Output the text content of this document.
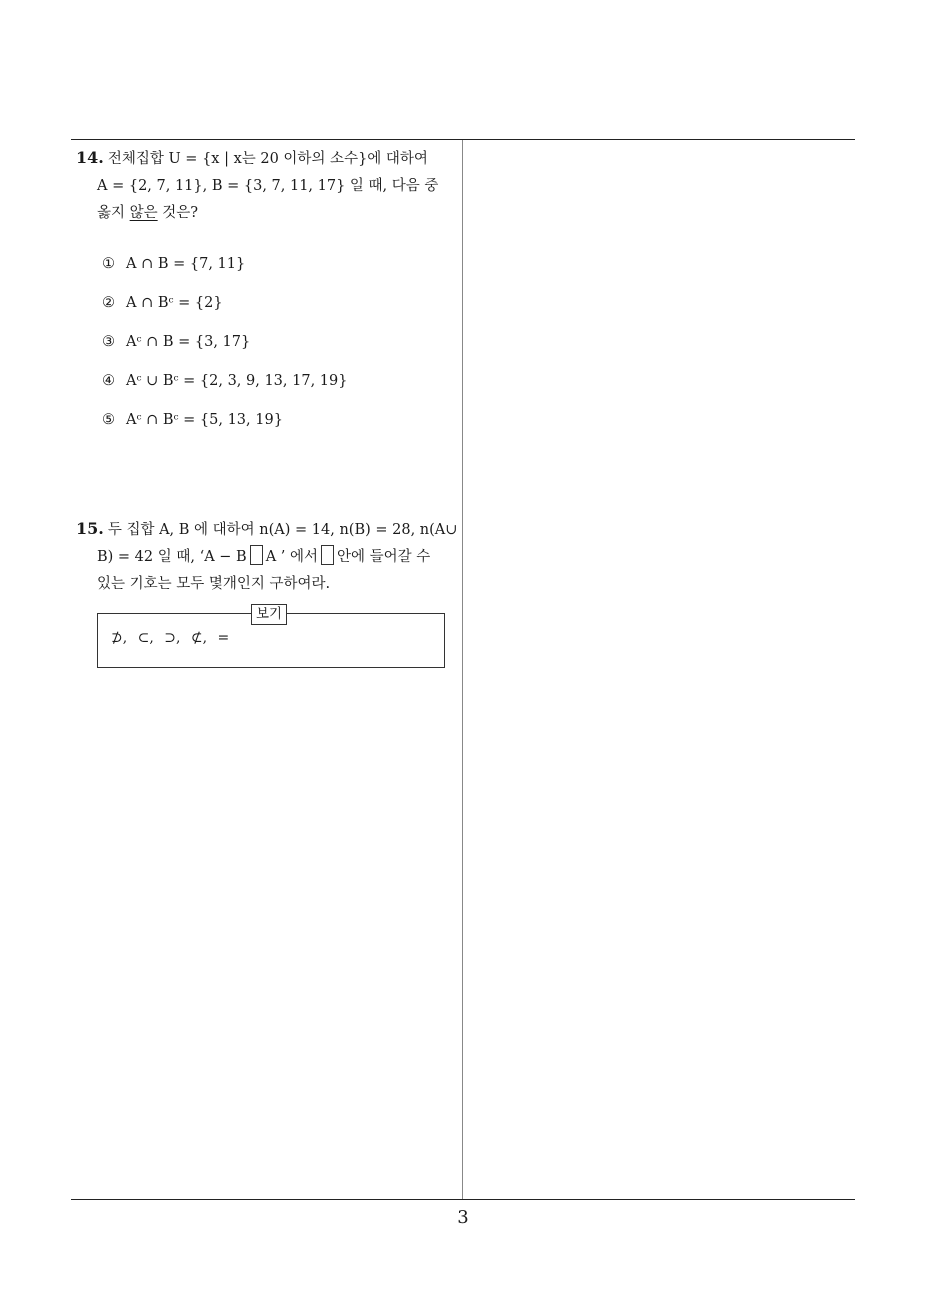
14. 전체집합 U = {x | x는 20 이하의 소수}에 대하여
A = {2, 7, 11}, B = {3, 7, 11, 17} 일 때, 다음 중
옳지 않은 것은?
① A ∩ B = {7, 11}
② A ∩ Bᶜ = {2}
③ Aᶜ ∩ B = {3, 17}
④ Aᶜ ∪ Bᶜ = {2, 3, 9, 13, 17, 19}
⑤ Aᶜ ∩ Bᶜ = {5, 13, 19}
15. 두 집합 A, B 에 대하여 n(A) = 14, n(B) = 28, n(A∪
B) = 42 일 때, ‘A − B A ’ 에서 안에 들어갈 수
있는 기호는 모두 몇개인지 구하여라.
보기
⊅, ⊂, ⊃, ⊄, =
3
